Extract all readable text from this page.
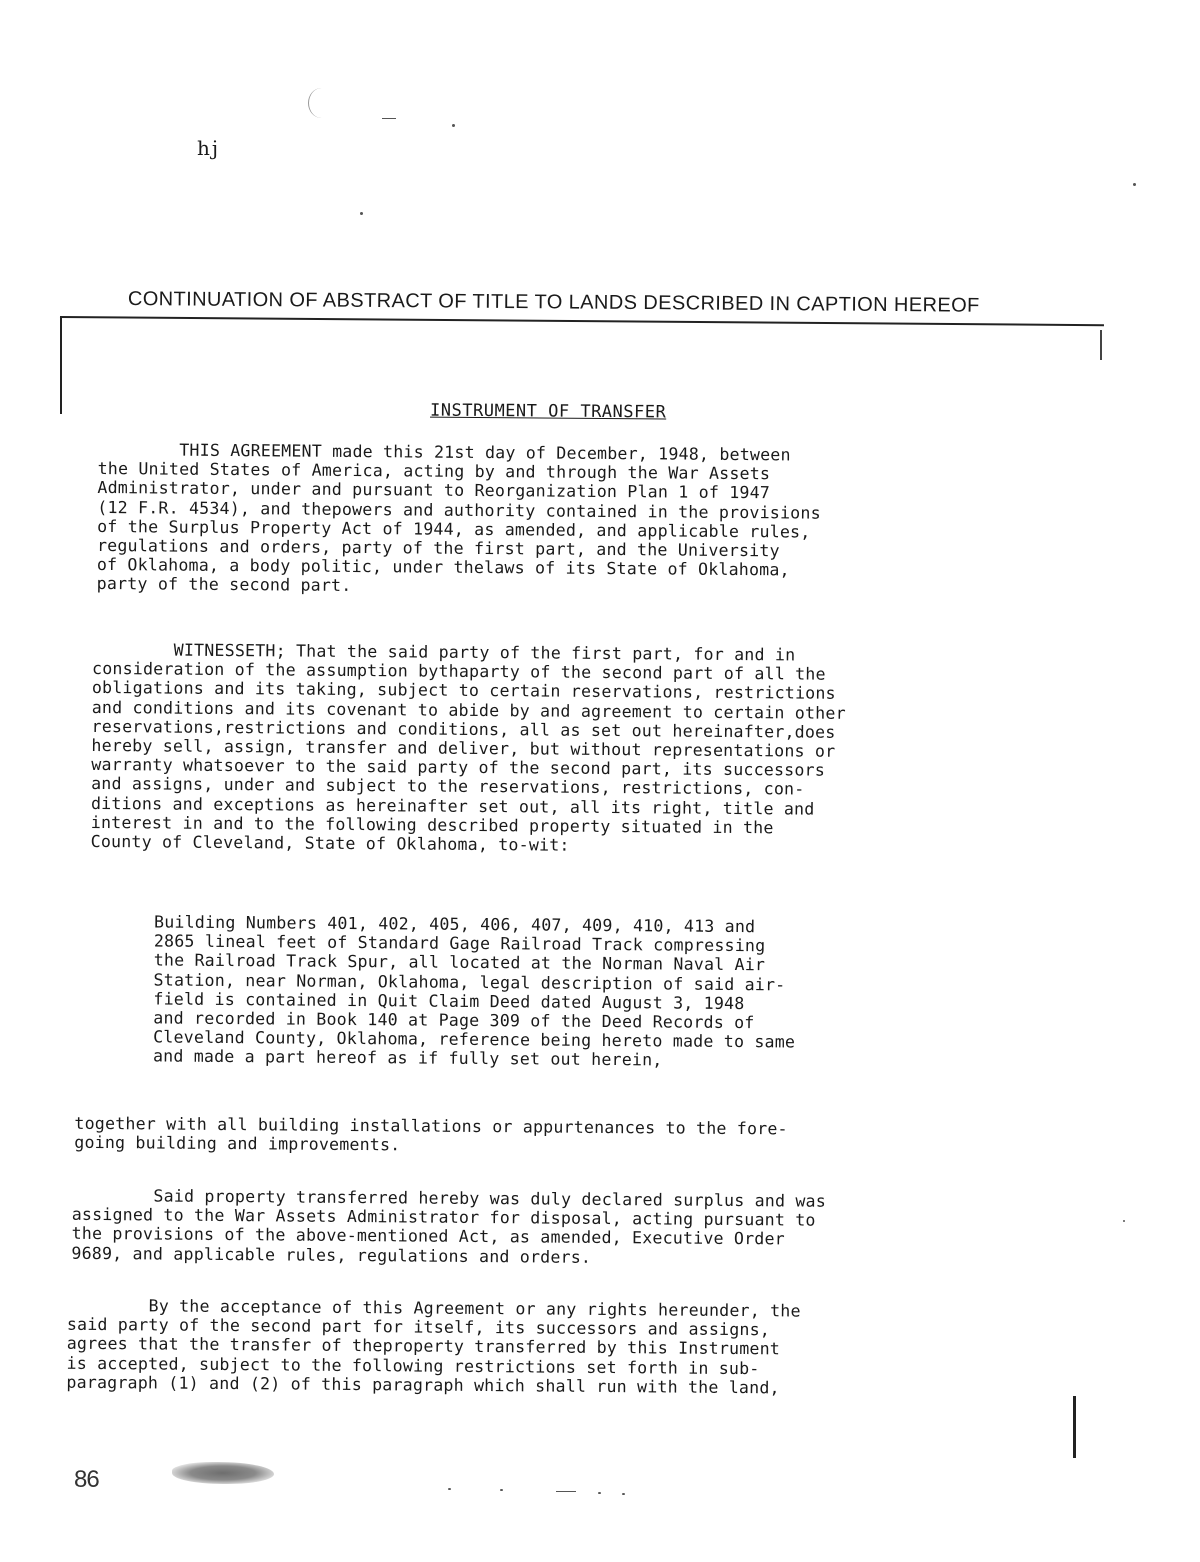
hj
CONTINUATION OF ABSTRACT OF TITLE TO LANDS DESCRIBED IN CAPTION HEREOF
INSTRUMENT OF TRANSFER
THIS AGREEMENT made this 21st day of December, 1948, between
the United States of America, acting by and through the War Assets
Administrator, under and pursuant to Reorganization Plan 1 of 1947
(12 F.R. 4534), and thepowers and authority contained in the provisions
of the Surplus Property Act of 1944, as amended, and applicable rules,
regulations and orders, party of the first part, and the University
of Oklahoma, a body politic, under thelaws of its State of Oklahoma,
party of the second part.
WITNESSETH; That the said party of the first part, for and in
consideration of the assumption bythaparty of the second part of all the
obligations and its taking, subject to certain reservations, restrictions
and conditions and its covenant to abide by and agreement to certain other
reservations,restrictions and conditions, all as set out hereinafter,does
hereby sell, assign, transfer and deliver, but without representations or
warranty whatsoever to the said party of the second part, its successors
and assigns, under and subject to the reservations, restrictions, con-
ditions and exceptions as hereinafter set out, all its right, title and
interest in and to the following described property situated in the
County of Cleveland, State of Oklahoma, to-wit:
Building Numbers 401, 402, 405, 406, 407, 409, 410, 413 and
2865 lineal feet of Standard Gage Railroad Track compressing
the Railroad Track Spur, all located at the Norman Naval Air
Station, near Norman, Oklahoma, legal description of said air-
field is contained in Quit Claim Deed dated August 3, 1948
and recorded in Book 140 at Page 309 of the Deed Records of
Cleveland County, Oklahoma, reference being hereto made to same
and made a part hereof as if fully set out herein,
together with all building installations or appurtenances to the fore-
going building and improvements.
Said property transferred hereby was duly declared surplus and was
assigned to the War Assets Administrator for disposal, acting pursuant to
the provisions of the above-mentioned Act, as amended, Executive Order
9689, and applicable rules, regulations and orders.
By the acceptance of this Agreement or any rights hereunder, the
said party of the second part for itself, its successors and assigns,
agrees that the transfer of theproperty transferred by this Instrument
is accepted, subject to the following restrictions set forth in sub-
paragraph (1) and (2) of this paragraph which shall run with the land,
86
